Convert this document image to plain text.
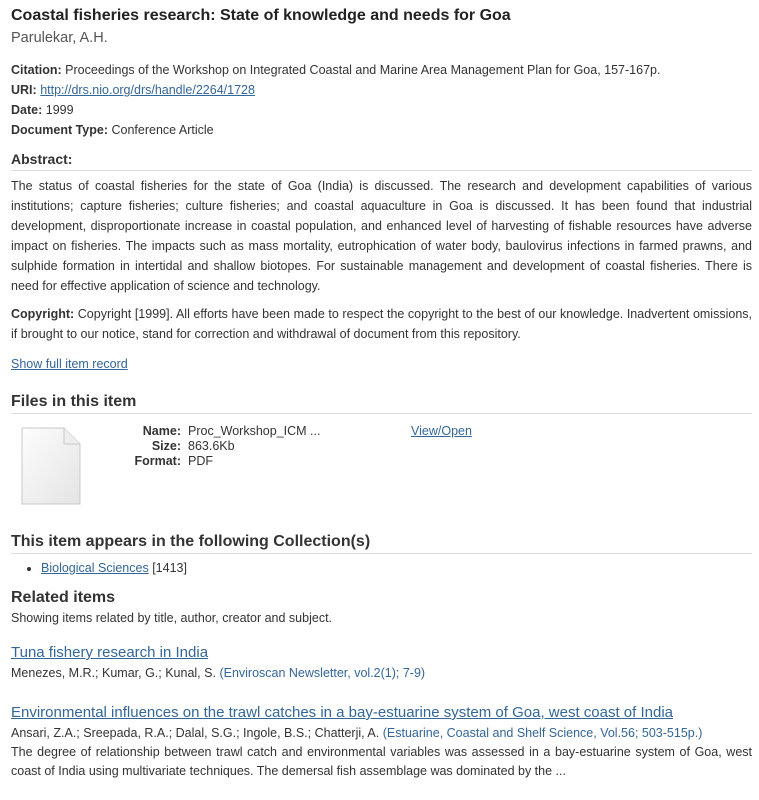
Coastal fisheries research: State of knowledge and needs for Goa
Parulekar, A.H.

Citation: Proceedings of the Workshop on Integrated Coastal and Marine Area Management Plan for Goa, 157-167p.

URI: http://drs.nio.org/drs/handle/2264/1728

Date: 1999

Document Type: Conference Article

Abstract:

The status of coastal fisheries for the state of Goa (India) is discussed. The research and development capabilities of various institutions; capture fisheries; culture fisheries; and coastal aquaculture in Goa is discussed. It has been found that industrial development, disproportionate increase in coastal population, and enhanced level of harvesting of fishable resources have adverse impact on fisheries. The impacts such as mass mortality, eutrophication of water body, baulovirus infections in farmed prawns, and sulphide formation in intertidal and shallow biotopes. For sustainable management and development of coastal fisheries. There is need for effective application of science and technology.

Copyright: Copyright [1999]. All efforts have been made to respect the copyright to the best of our knowledge. Inadvertent omissions, if brought to our notice, stand for correction and withdrawal of document from this repository.

Show full item record

Files in this item
Name: Proc_Workshop_ICM ...
Size: 863.6Kb
Format: PDF
View/Open
This item appears in the following Collection(s)
• Biological Sciences [1413]
Related items
Showing items related by title, author, creator and subject.
Tuna fishery research in India

Menezes, M.R.; Kumar, G.; Kunal, S. (Enviroscan Newsletter, vol.2(1); 7-9)

Environmental influences on the trawl catches in a bay-estuarine system of Goa, west coast of India

Ansari, Z.A.; Sreepada, R.A.; Dalal, S.G.; Ingole, B.S.; Chatterji, A. (Estuarine, Coastal and Shelf Science, Vol.56; 503-515p.)

The degree of relationship between trawl catch and environmental variables was assessed in a bay-estuarine system of Goa, west coast of India using multivariate techniques. The demersal fish assemblage was dominated by the ...
